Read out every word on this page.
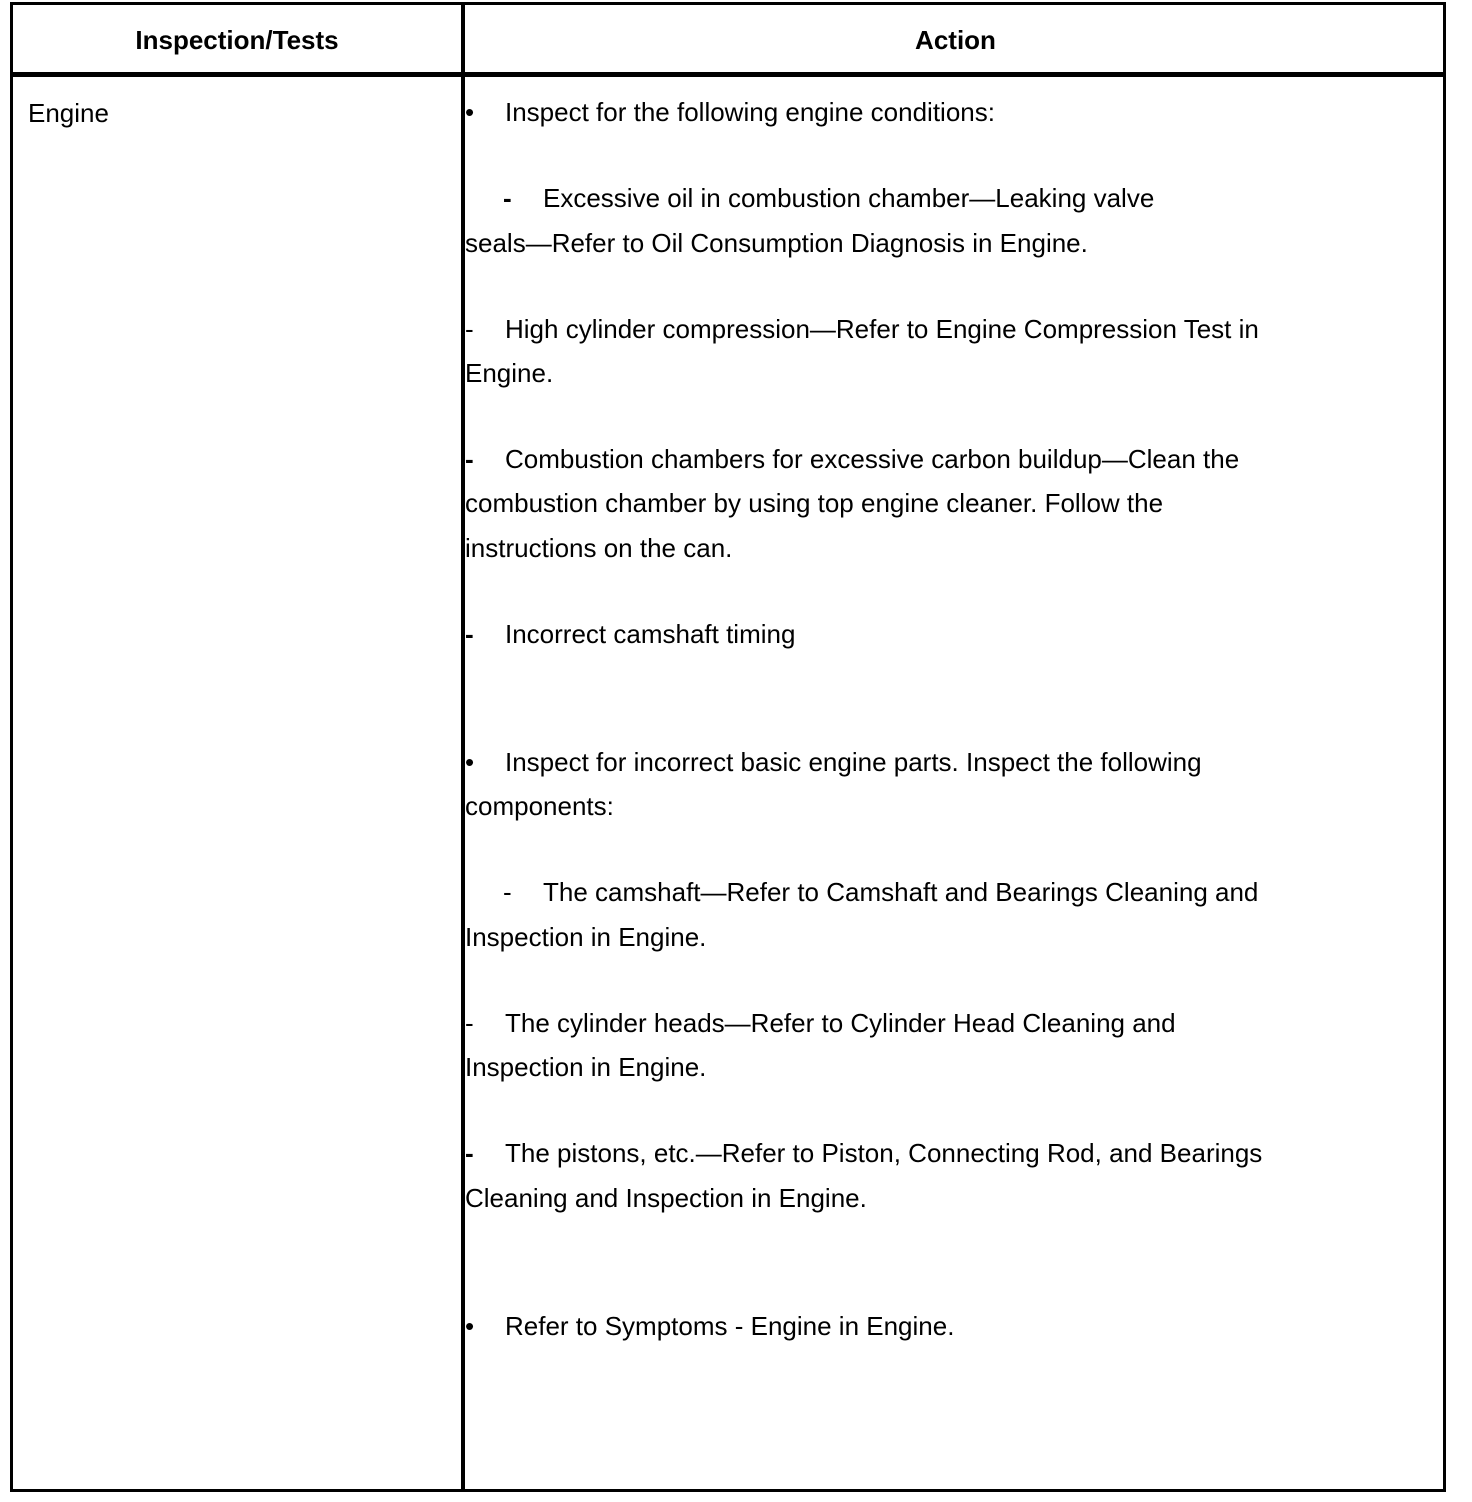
Inspection/Tests	Action
Engine	• Inspect for the following engine conditions:
- Excessive oil in combustion chamber—Leaking valve
seals—Refer to Oil Consumption Diagnosis in Engine.
- High cylinder compression—Refer to Engine Compression Test in
Engine.
- Combustion chambers for excessive carbon buildup—Clean the
combustion chamber by using top engine cleaner. Follow the
instructions on the can.
- Incorrect camshaft timing
• Inspect for incorrect basic engine parts. Inspect the following
components:
- The camshaft—Refer to Camshaft and Bearings Cleaning and
Inspection in Engine.
- The cylinder heads—Refer to Cylinder Head Cleaning and
Inspection in Engine.
- The pistons, etc.—Refer to Piston, Connecting Rod, and Bearings
Cleaning and Inspection in Engine.
• Refer to Symptoms - Engine in Engine.
